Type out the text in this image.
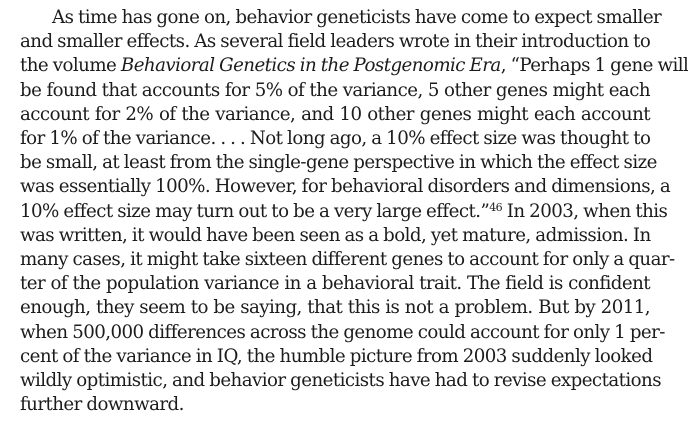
As time has gone on, behavior geneticists have come to expect smaller
and smaller effects. As several field leaders wrote in their introduction to
the volume Behavioral Genetics in the Postgenomic Era, “Perhaps 1 gene will
be found that accounts for 5% of the variance, 5 other genes might each
account for 2% of the variance, and 10 other genes might each account
for 1% of the variance. . . . Not long ago, a 10% effect size was thought to
be small, at least from the single-gene perspective in which the effect size
was essentially 100%. However, for behavioral disorders and dimensions, a
10% effect size may turn out to be a very large effect.”$^{46}$ In 2003, when this
was written, it would have been seen as a bold, yet mature, admission. In
many cases, it might take sixteen different genes to account for only a quar-
ter of the population variance in a behavioral trait. The field is confident
enough, they seem to be saying, that this is not a problem. But by 2011,
when 500,000 differences across the genome could account for only 1 per-
cent of the variance in IQ, the humble picture from 2003 suddenly looked
wildly optimistic, and behavior geneticists have had to revise expectations
further downward.
